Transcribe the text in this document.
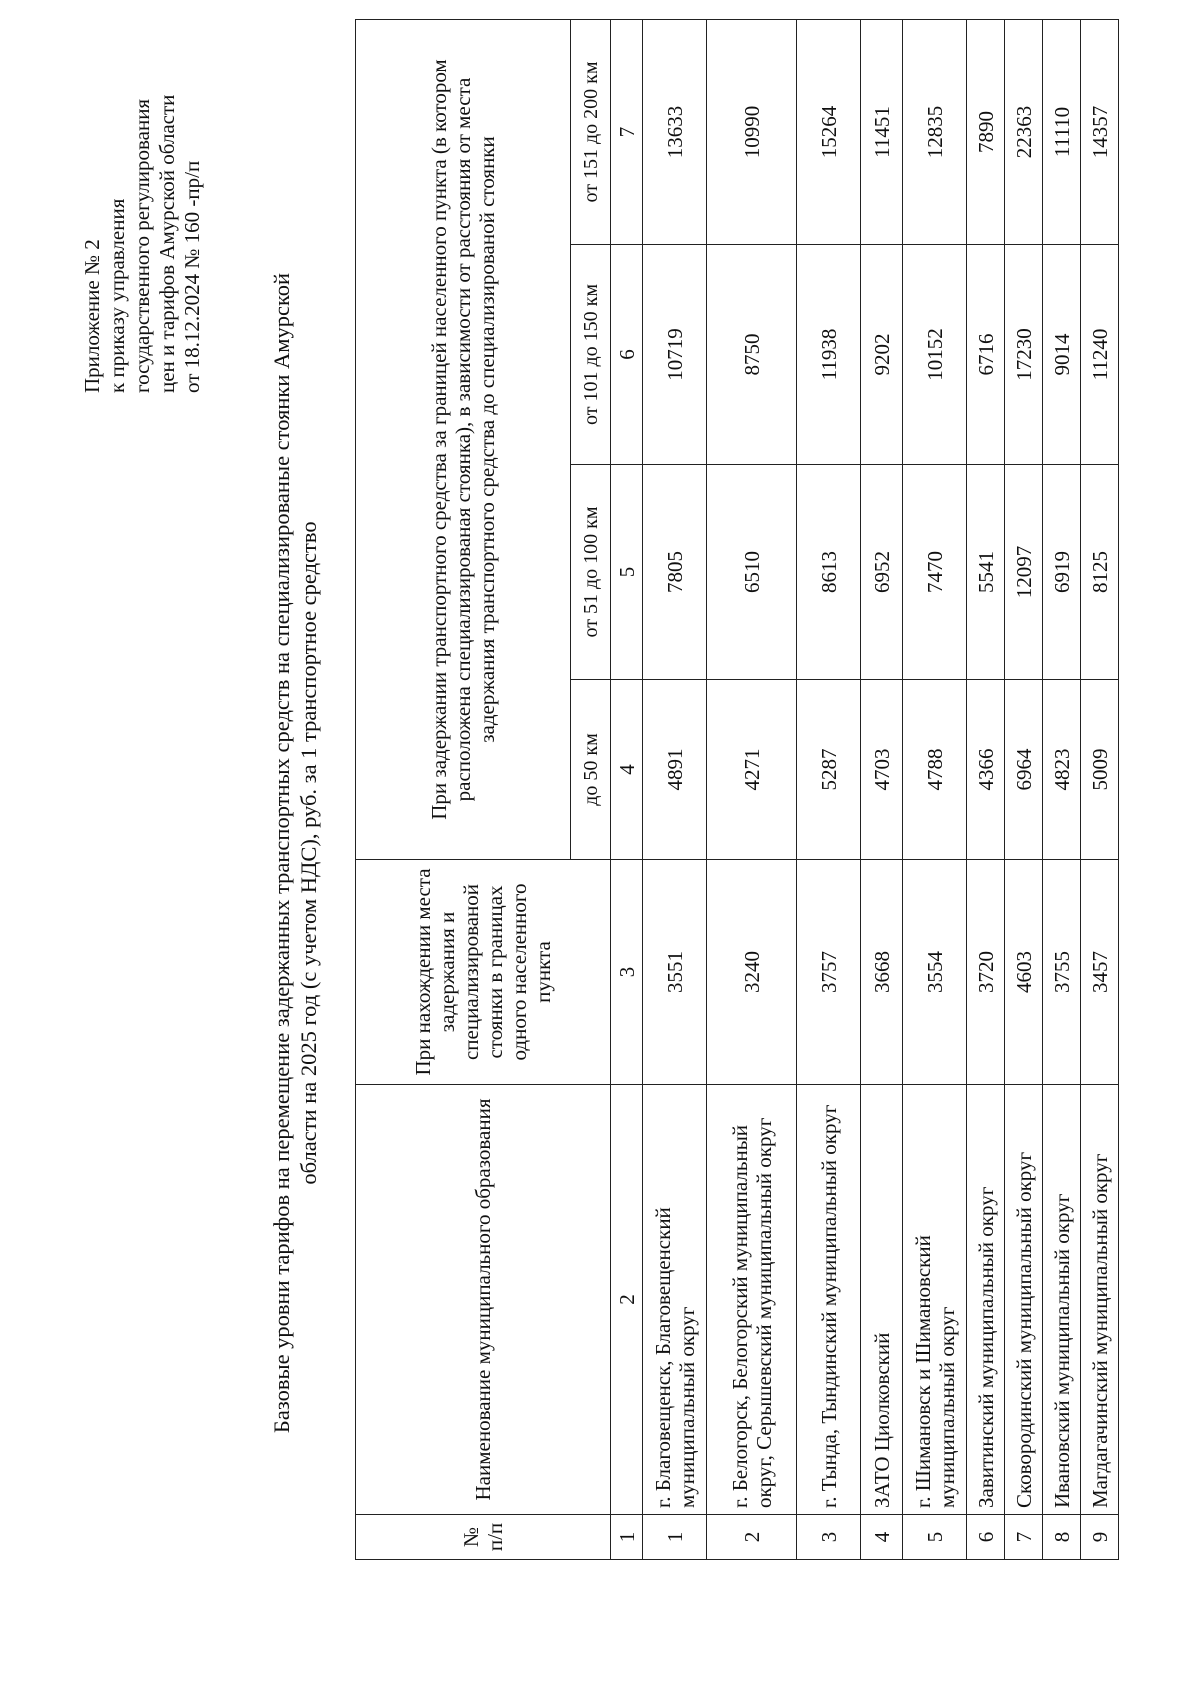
Приложение № 2 к приказу управления государственного регулирования цен и тарифов Амурской области от 18.12.2024 № 160 -пр/п	Базовые уровни тарифов на перемещение задержанных транспортных средств на специализированые стоянки Амурской области на 2025 год (с учетом НДС), руб. за 1 транспортное средство
№ п/п	Наименование муниципального образования	При нахождении места задержания и специализированой стоянки в границах одного населенного пункта	При задержании транспортного средства за границей населенного пункта (в котором расположена специализированая стоянка), в зависимости от расстояния от места задержания транспортного средства до специализированой стоянки			
			до 50 км	от 51 до 100 км	от 101 до 150 км	от 151 до 200 км
1	2	3	4	5	6	7
1	г. Благовещенск, Благовещенский муниципальный округ	3551	4891	7805	10719	13633
2	г. Белогорск, Белогорский муниципальный округ, Серышевский муниципальный округ	3240	4271	6510	8750	10990
3	г. Тында, Тындинский муниципальный округ	3757	5287	8613	11938	15264
4	ЗАТО Циолковский	3668	4703	6952	9202	11451
5	г. Шимановск и Шимановский муниципальный округ	3554	4788	7470	10152	12835
6	Завитинский муниципальный округ	3720	4366	5541	6716	7890
7	Сковородинский муниципальный округ	4603	6964	12097	17230	22363
8	Ивановский муниципальный округ	3755	4823	6919	9014	11110
9	Магдагачинский муниципальный округ	3457	5009	8125	11240	14357
